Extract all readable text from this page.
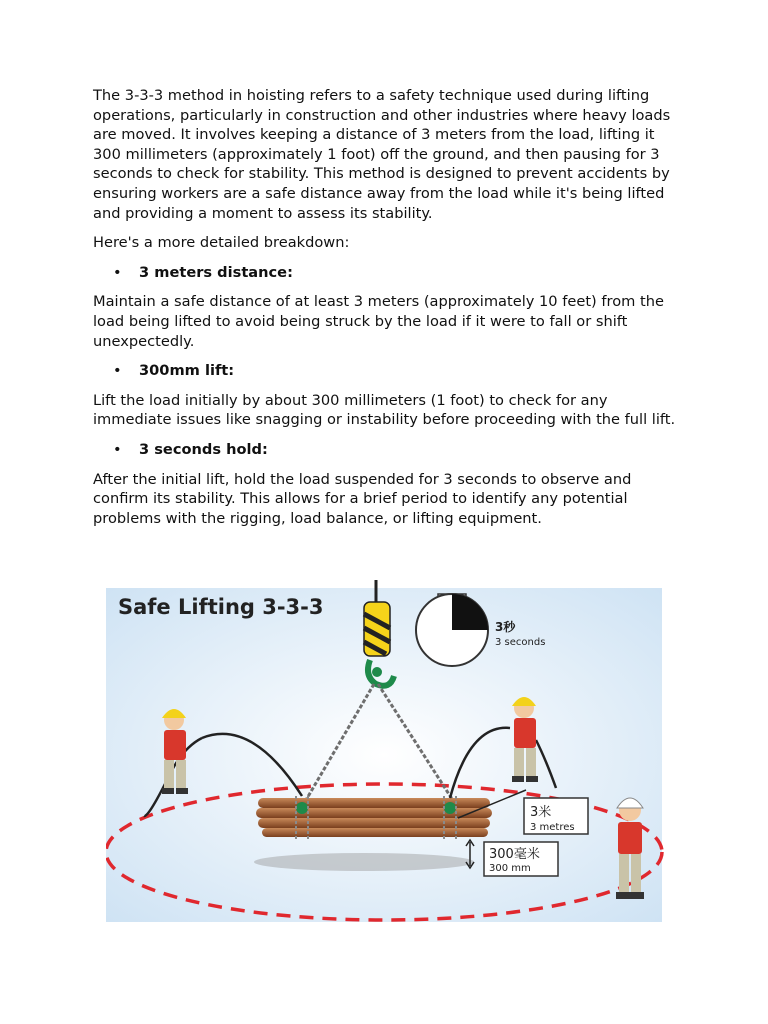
The 3-3-3 method in hoisting refers to a safety technique used during lifting operations, particularly in construction and other industries where heavy loads are moved. It involves keeping a distance of 3 meters from the load, lifting it 300 millimeters (approximately 1 foot) off the ground, and then pausing for 3 seconds to check for stability. This method is designed to prevent accidents by ensuring workers are a safe distance away from the load while it's being lifted and providing a moment to assess its stability.

Here's a more detailed breakdown:

• 3 meters distance:

Maintain a safe distance of at least 3 meters (approximately 10 feet) from the load being lifted to avoid being struck by the load if it were to fall or shift unexpectedly.

• 300mm lift:

Lift the load initially by about 300 millimeters (1 foot) to check for any immediate issues like snagging or instability before proceeding with the full lift.

• 3 seconds hold:

After the initial lift, hold the load suspended for 3 seconds to observe and confirm its stability. This allows for a brief period to identify any potential problems with the rigging, load balance, or lifting equipment.

Safe Lifting 3-3-3
3秒
3 seconds
3米
3 metres
300毫米
300 mm
